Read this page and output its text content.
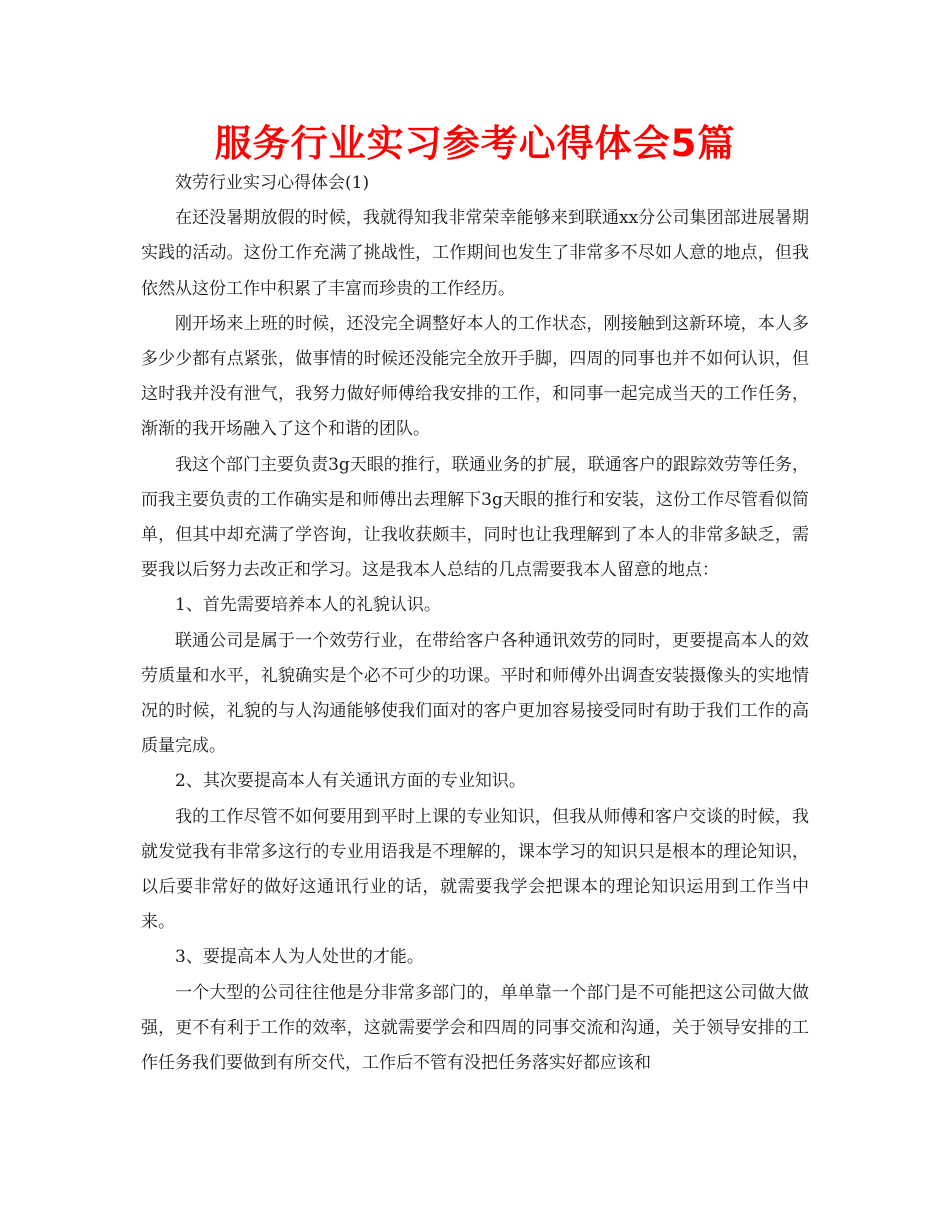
服务行业实习参考心得体会5篇

效劳行业实习心得体会(1)

在还没暑期放假的时候，我就得知我非常荣幸能够来到联通xx分公司集团部进展暑期实践的活动。这份工作充满了挑战性，工作期间也发生了非常多不尽如人意的地点，但我依然从这份工作中积累了丰富而珍贵的工作经历。

刚开场来上班的时候，还没完全调整好本人的工作状态，刚接触到这新环境，本人多多少少都有点紧张，做事情的时候还没能完全放开手脚，四周的同事也并不如何认识，但这时我并没有泄气，我努力做好师傅给我安排的工作，和同事一起完成当天的工作任务，渐渐的我开场融入了这个和谐的团队。

我这个部门主要负责3g天眼的推行，联通业务的扩展，联通客户的跟踪效劳等任务，而我主要负责的工作确实是和师傅出去理解下3g天眼的推行和安装，这份工作尽管看似简单，但其中却充满了学咨询，让我收获颇丰，同时也让我理解到了本人的非常多缺乏，需要我以后努力去改正和学习。这是我本人总结的几点需要我本人留意的地点：

1、首先需要培养本人的礼貌认识。

联通公司是属于一个效劳行业，在带给客户各种通讯效劳的同时，更要提高本人的效劳质量和水平，礼貌确实是个必不可少的功课。平时和师傅外出调查安装摄像头的实地情况的时候，礼貌的与人沟通能够使我们面对的客户更加容易接受同时有助于我们工作的高质量完成。

2、其次要提高本人有关通讯方面的专业知识。

我的工作尽管不如何要用到平时上课的专业知识，但我从师傅和客户交谈的时候，我就发觉我有非常多这行的专业用语我是不理解的，课本学习的知识只是根本的理论知识，以后要非常好的做好这通讯行业的话，就需要我学会把课本的理论知识运用到工作当中来。

3、要提高本人为人处世的才能。

一个大型的公司往往他是分非常多部门的，单单靠一个部门是不可能把这公司做大做强，更不有利于工作的效率，这就需要学会和四周的同事交流和沟通，关于领导安排的工作任务我们要做到有所交代，工作后不管有没把任务落实好都应该和
